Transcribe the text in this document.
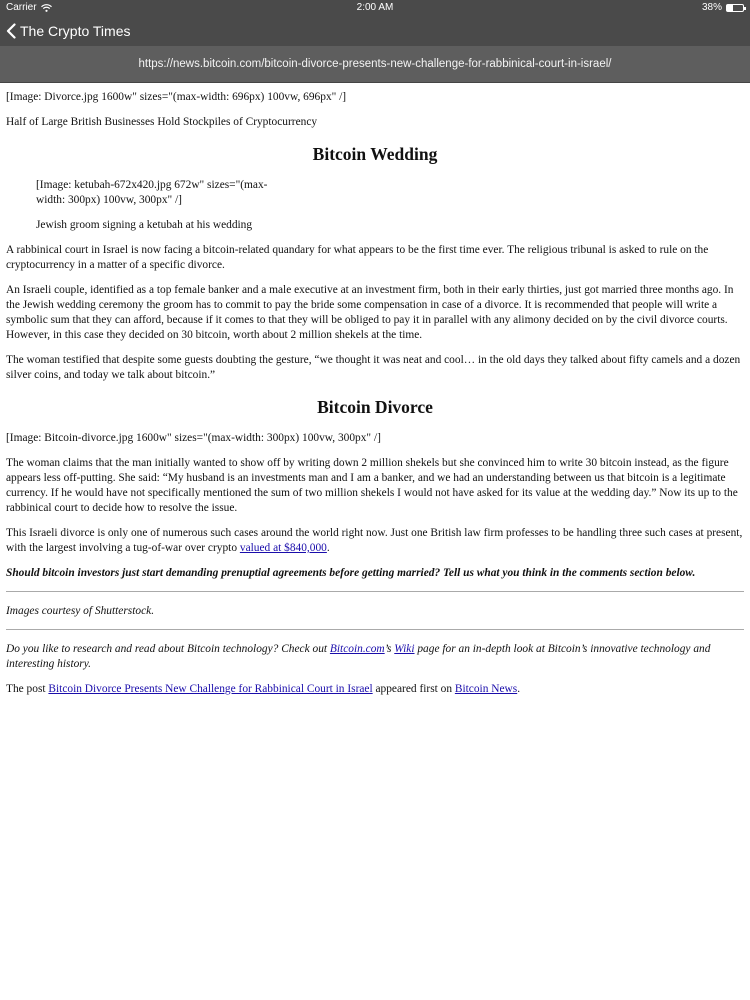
Carrier	2:00 AM	38%
The Crypto Times
https://news.bitcoin.com/bitcoin-divorce-presents-new-challenge-for-rabbinical-court-in-israel/

[Image: Divorce.jpg 1600w" sizes="(max-width: 696px) 100vw, 696px" /]

Half of Large British Businesses Hold Stockpiles of Cryptocurrency

Bitcoin Wedding

[Image: ketubah-672x420.jpg 672w" sizes="(max-width: 300px) 100vw, 300px" /]

Jewish groom signing a ketubah at his wedding

A rabbinical court in Israel is now facing a bitcoin-related quandary for what appears to be the first time ever. The religious tribunal is asked to rule on the cryptocurrency in a matter of a specific divorce.

An Israeli couple, identified as a top female banker and a male executive at an investment firm, both in their early thirties, just got married three months ago. In the Jewish wedding ceremony the groom has to commit to pay the bride some compensation in case of a divorce. It is recommended that people will write a symbolic sum that they can afford, because if it comes to that they will be obliged to pay it in parallel with any alimony decided on by the civil divorce courts. However, in this case they decided on 30 bitcoin, worth about 2 million shekels at the time.

The woman testified that despite some guests doubting the gesture, “we thought it was neat and cool… in the old days they talked about fifty camels and a dozen silver coins, and today we talk about bitcoin.”

Bitcoin Divorce

[Image: Bitcoin-divorce.jpg 1600w" sizes="(max-width: 300px) 100vw, 300px" /]

The woman claims that the man initially wanted to show off by writing down 2 million shekels but she convinced him to write 30 bitcoin instead, as the figure appears less off-putting. She said: “My husband is an investments man and I am a banker, and we had an understanding between us that bitcoin is a legitimate currency. If he would have not specifically mentioned the sum of two million shekels I would not have asked for its value at the wedding day.” Now its up to the rabbinical court to decide how to resolve the issue.

This Israeli divorce is only one of numerous such cases around the world right now. Just one British law firm professes to be handling three such cases at present, with the largest involving a tug-of-war over crypto valued at $840,000.

Should bitcoin investors just start demanding prenuptial agreements before getting married? Tell us what you think in the comments section below.

Images courtesy of Shutterstock.

Do you like to research and read about Bitcoin technology? Check out Bitcoin.com’s Wiki page for an in-depth look at Bitcoin’s innovative technology and interesting history.

The post Bitcoin Divorce Presents New Challenge for Rabbinical Court in Israel appeared first on Bitcoin News.
